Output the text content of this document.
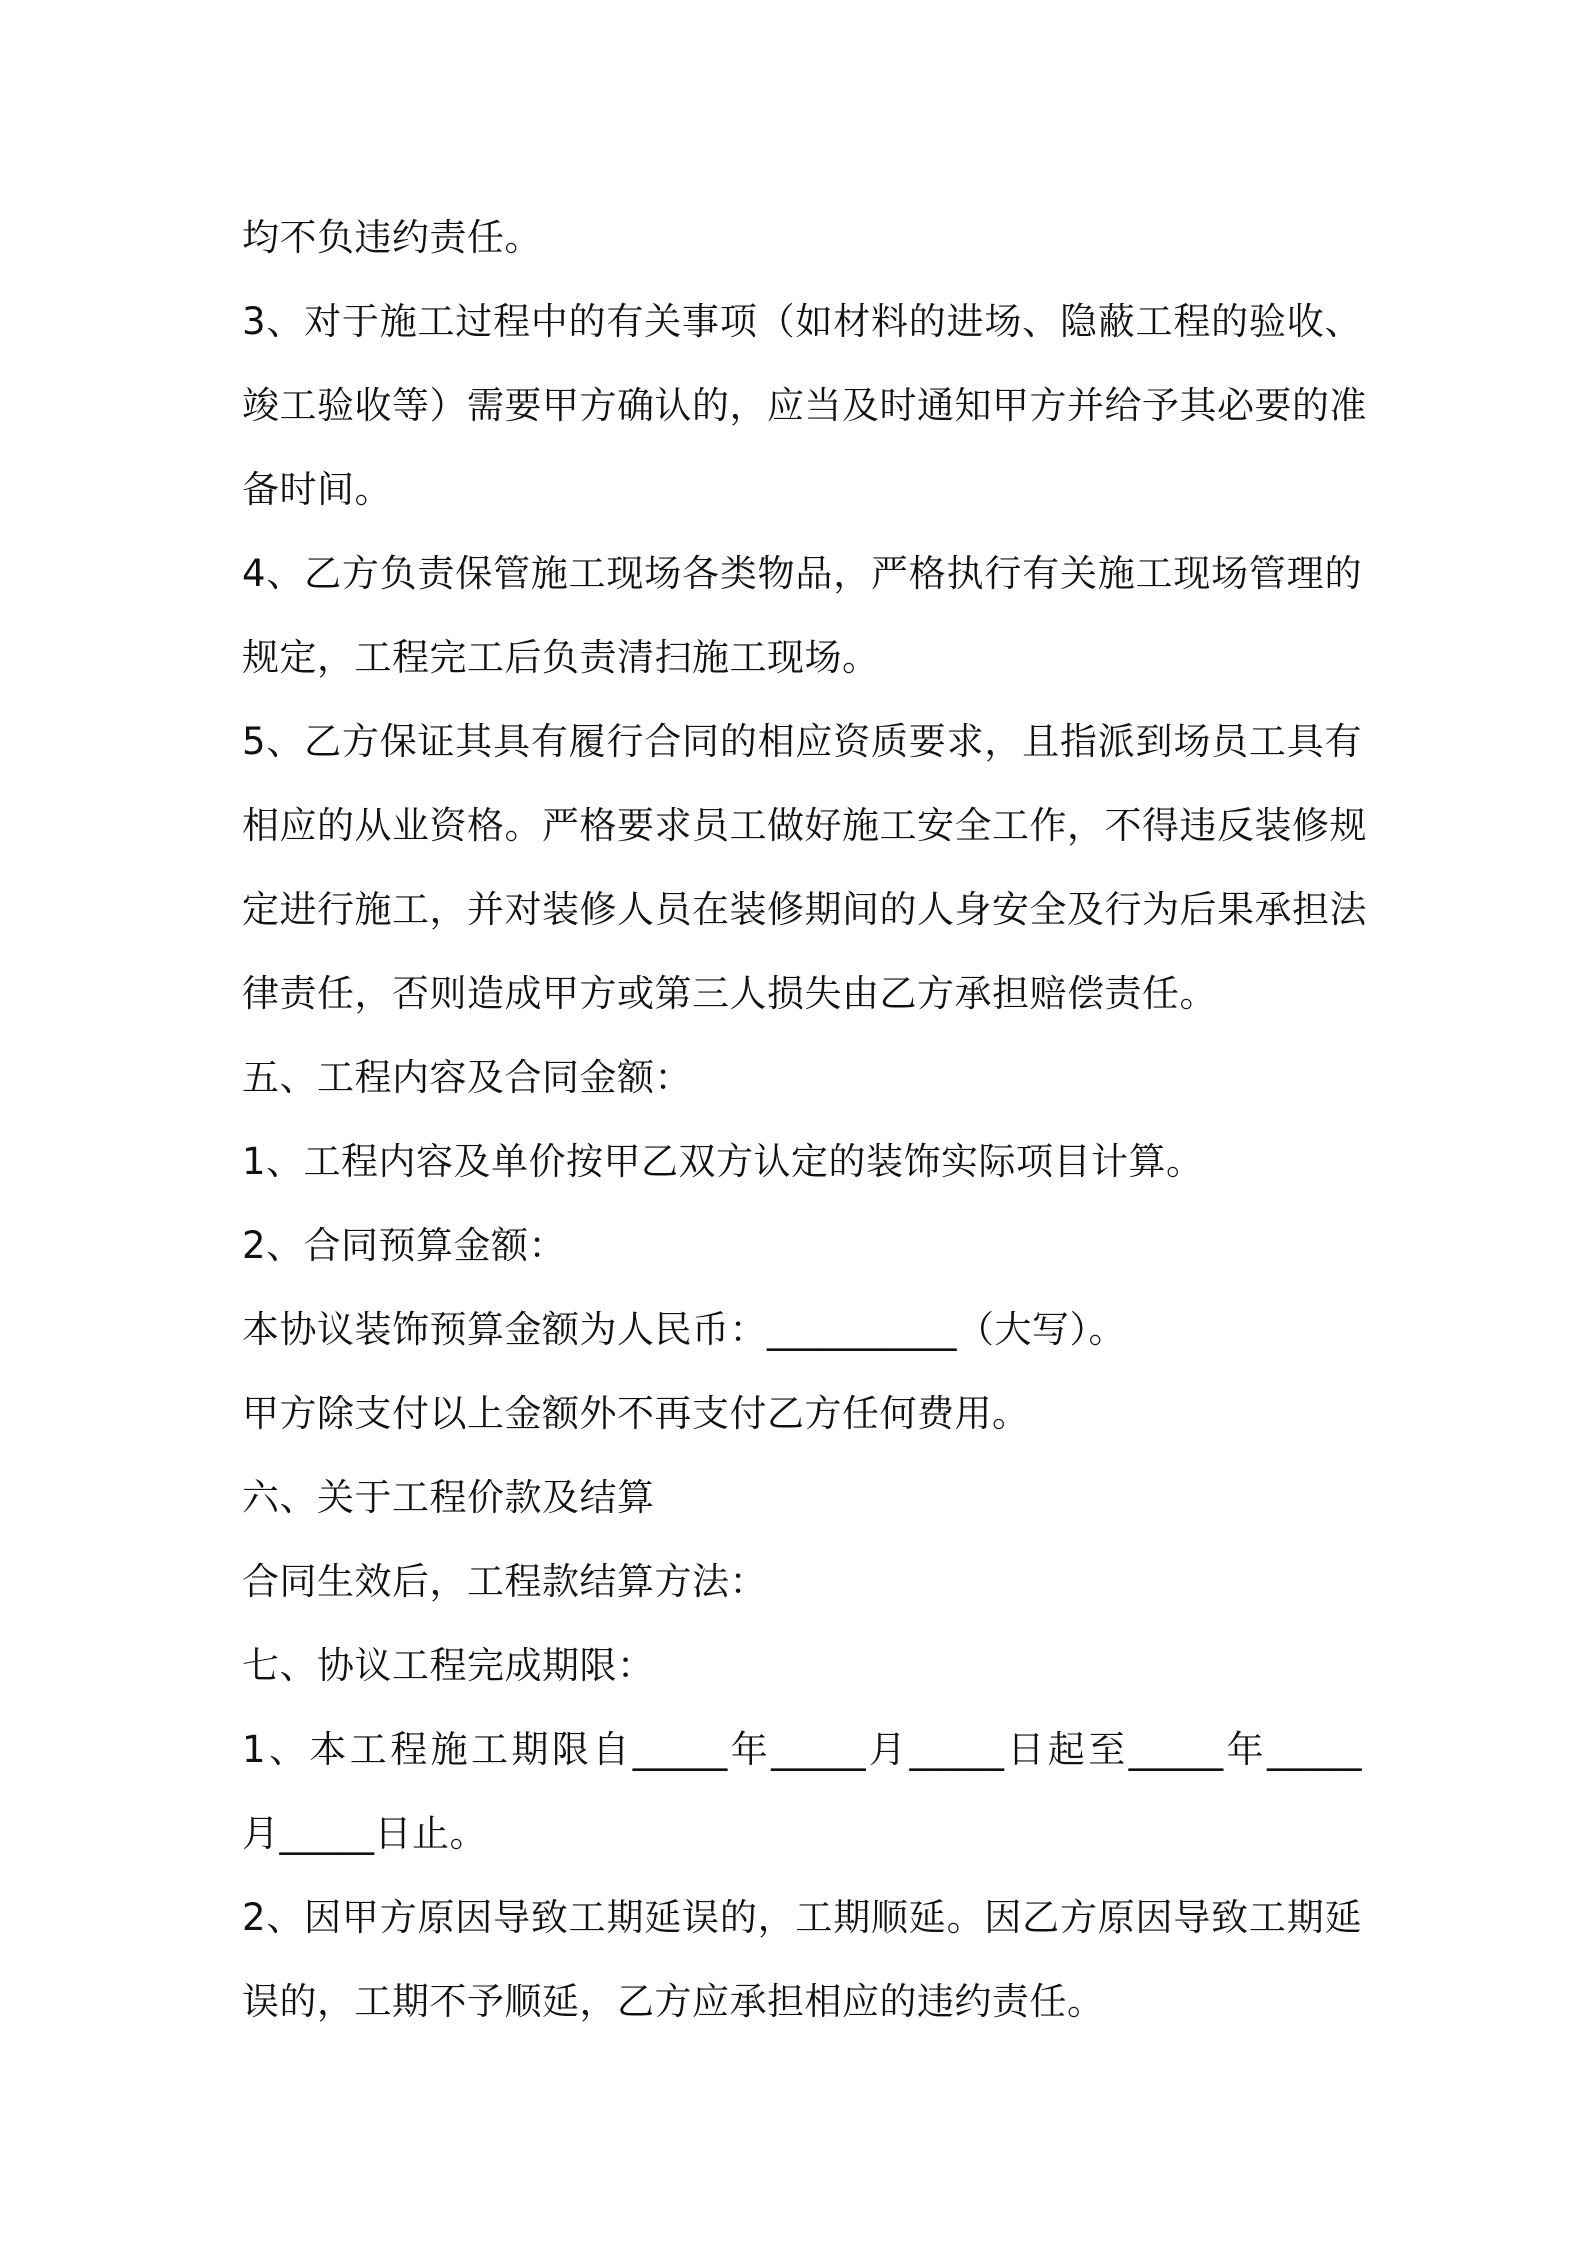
均不负违约责任。
3、对于施工过程中的有关事项（如材料的进场、隐蔽工程的验收、
竣工验收等）需要甲方确认的，应当及时通知甲方并给予其必要的准
备时间。
4、乙方负责保管施工现场各类物品，严格执行有关施工现场管理的
规定，工程完工后负责清扫施工现场。
5、乙方保证其具有履行合同的相应资质要求，且指派到场员工具有
相应的从业资格。严格要求员工做好施工安全工作，不得违反装修规
定进行施工，并对装修人员在装修期间的人身安全及行为后果承担法
律责任，否则造成甲方或第三人损失由乙方承担赔偿责任。
五、工程内容及合同金额：
1、工程内容及单价按甲乙双方认定的装饰实际项目计算。
2、合同预算金额：
本协议装饰预算金额为人民币：__________（大写）。
甲方除支付以上金额外不再支付乙方任何费用。
六、关于工程价款及结算
合同生效后，工程款结算方法：
七、协议工程完成期限：
1、本工程施工期限自_____年_____月_____日起至_____年_____
月_____日止。
2、因甲方原因导致工期延误的，工期顺延。因乙方原因导致工期延
误的，工期不予顺延，乙方应承担相应的违约责任。
